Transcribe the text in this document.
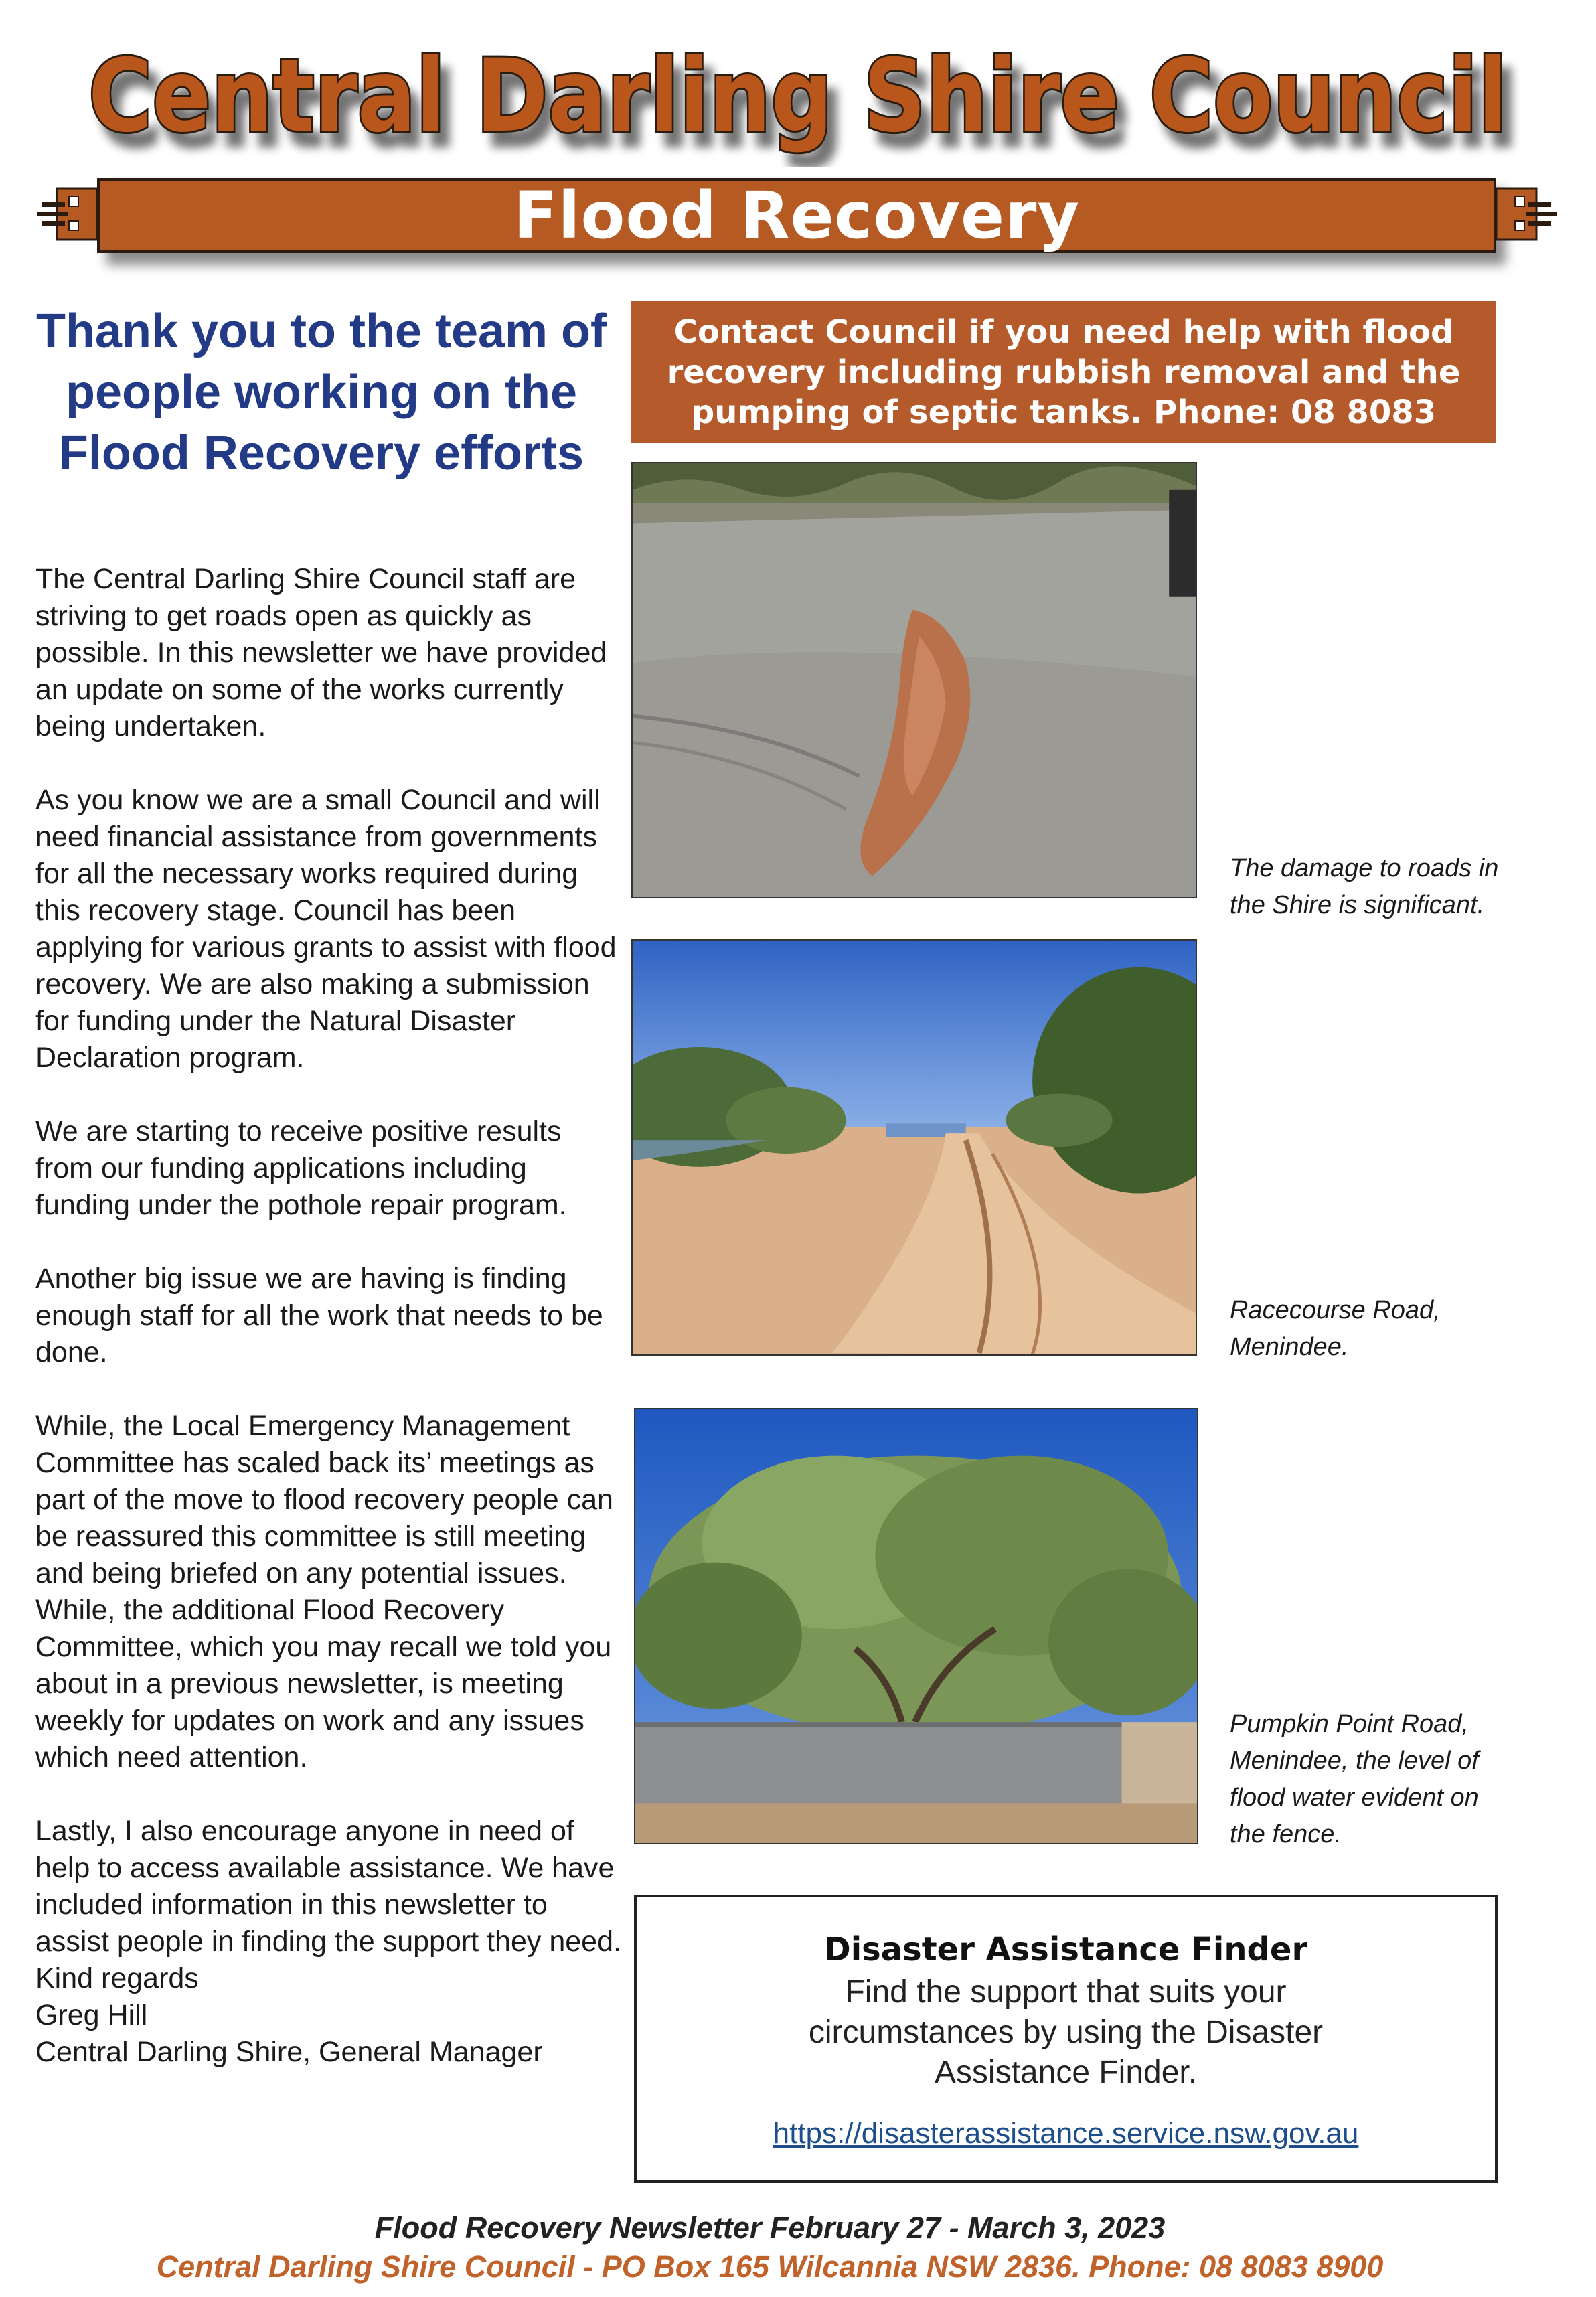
Central Darling Shire Council
Flood Recovery
Thank you to the team of people working on the Flood Recovery efforts

The Central Darling Shire Council staff are striving to get roads open as quickly as possible. In this newsletter we have provided an update on some of the works currently being undertaken.

As you know we are a small Council and will need financial assistance from governments for all the necessary works required during this recovery stage. Council has been applying for various grants to assist with flood recovery. We are also making a submission for funding under the Natural Disaster Declaration program.

We are starting to receive positive results from our funding applications including funding under the pothole repair program.

Another big issue we are having is finding enough staff for all the work that needs to be done.

While, the Local Emergency Management Committee has scaled back its’ meetings as part of the move to flood recovery people can be reassured this committee is still meeting and being briefed on any potential issues. While, the additional Flood Recovery Committee, which you may recall we told you about in a previous newsletter, is meeting weekly for updates on work and any issues which need attention.

Lastly, I also encourage anyone in need of help to access available assistance. We have included information in this newsletter to assist people in finding the support they need.

Kind regards
Greg Hill
Central Darling Shire, General Manager
Contact Council if you need help with flood recovery including rubbish removal and the pumping of septic tanks. Phone: 08 8083
The damage to roads in the Shire is significant.
Racecourse Road, Menindee.
Pumpkin Point Road, Menindee, the level of flood water evident on the fence.
Disaster Assistance Finder
Find the support that suits your circumstances by using the Disaster Assistance Finder.
https://disasterassistance.service.nsw.gov.au
Flood Recovery Newsletter February 27 - March 3, 2023
Central Darling Shire Council - PO Box 165 Wilcannia NSW 2836. Phone: 08 8083 8900
